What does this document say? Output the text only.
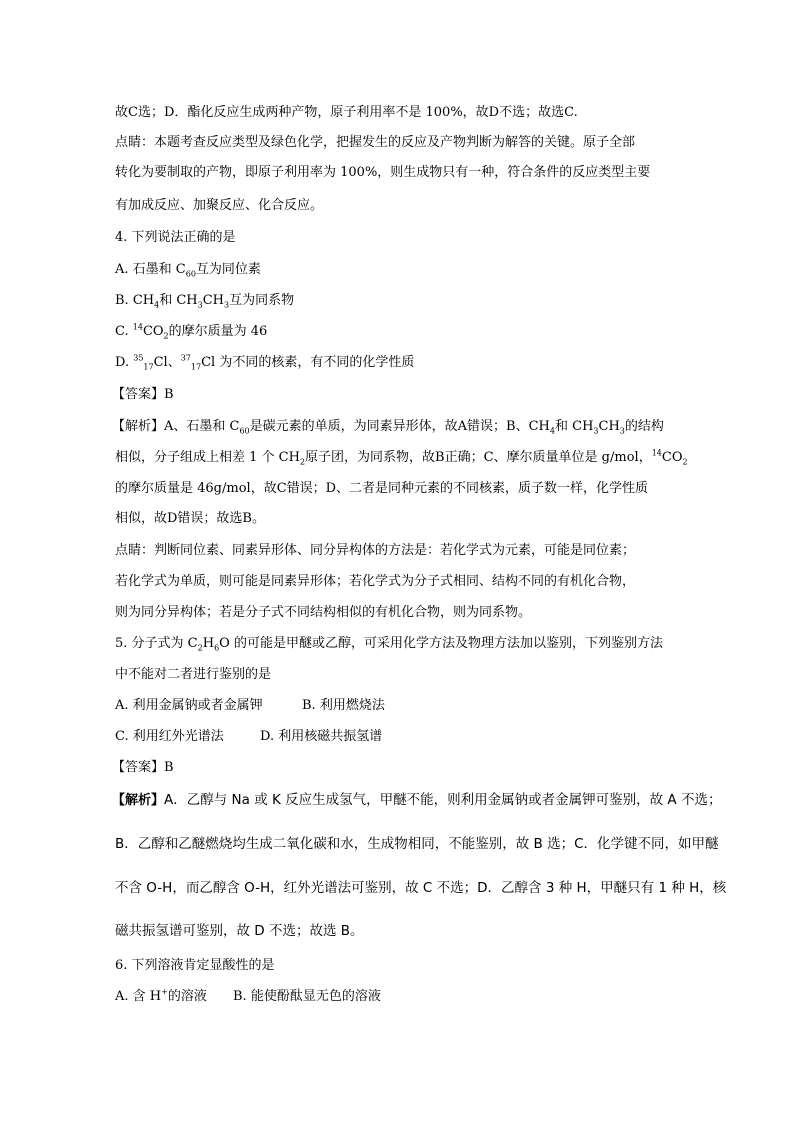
故C选；D．酯化反应生成两种产物，原子利用率不是 100%，故D不选；故选C.
点睛：本题考查反应类型及绿色化学，把握发生的反应及产物判断为解答的关键。原子全部
转化为要制取的产物，即原子利用率为 100%，则生成物只有一种，符合条件的反应类型主要
有加成反应、加聚反应、化合反应。
4. 下列说法正确的是
A. 石墨和 $C_{60}$互为同位素
B. $CH_4$和 $CH_3CH_3$互为同系物
C. $^{14}CO_2$的摩尔质量为 46
D. $^{35}_{17}$Cl、$^{37}_{17}$Cl 为不同的核素，有不同的化学性质
【答案】B
【解析】A、石墨和 $C_{60}$是碳元素的单质，为同素异形体，故A错误；B、$CH_4$和 $CH_3CH_3$的结构
相似，分子组成上相差 1 个 $CH_2$原子团，为同系物，故B正确；C、摩尔质量单位是 g/mol，$^{14}CO_2$
的摩尔质量是 46g/mol，故C错误；D、二者是同种元素的不同核素，质子数一样，化学性质
相似，故D错误；故选B。
点睛：判断同位素、同素异形体、同分异构体的方法是：若化学式为元素，可能是同位素；
若化学式为单质，则可能是同素异形体；若化学式为分子式相同、结构不同的有机化合物，
则为同分异构体；若是分子式不同结构相似的有机化合物，则为同系物。
5. 分子式为 $C_2H_6O$ 的可能是甲醚或乙醇，可采用化学方法及物理方法加以鉴别，下列鉴别方法
中不能对二者进行鉴别的是
A. 利用金属钠或者金属钾	B. 利用燃烧法
C. 利用红外光谱法	D. 利用核磁共振氢谱
【答案】B
【解析】A．乙醇与 Na 或 K 反应生成氢气，甲醚不能，则利用金属钠或者金属钾可鉴别，故 A 不选；
B．乙醇和乙醚燃烧均生成二氧化碳和水，生成物相同，不能鉴别，故 B 选；C．化学键不同，如甲醚
不含 O-H，而乙醇含 O-H，红外光谱法可鉴别，故 C 不选；D．乙醇含 3 种 H，甲醚只有 1 种 H，核
磁共振氢谱可鉴别，故 D 不选；故选 B。
6. 下列溶液肯定显酸性的是
A. 含 H+的溶液 B. 能使酚酞显无色的溶液
